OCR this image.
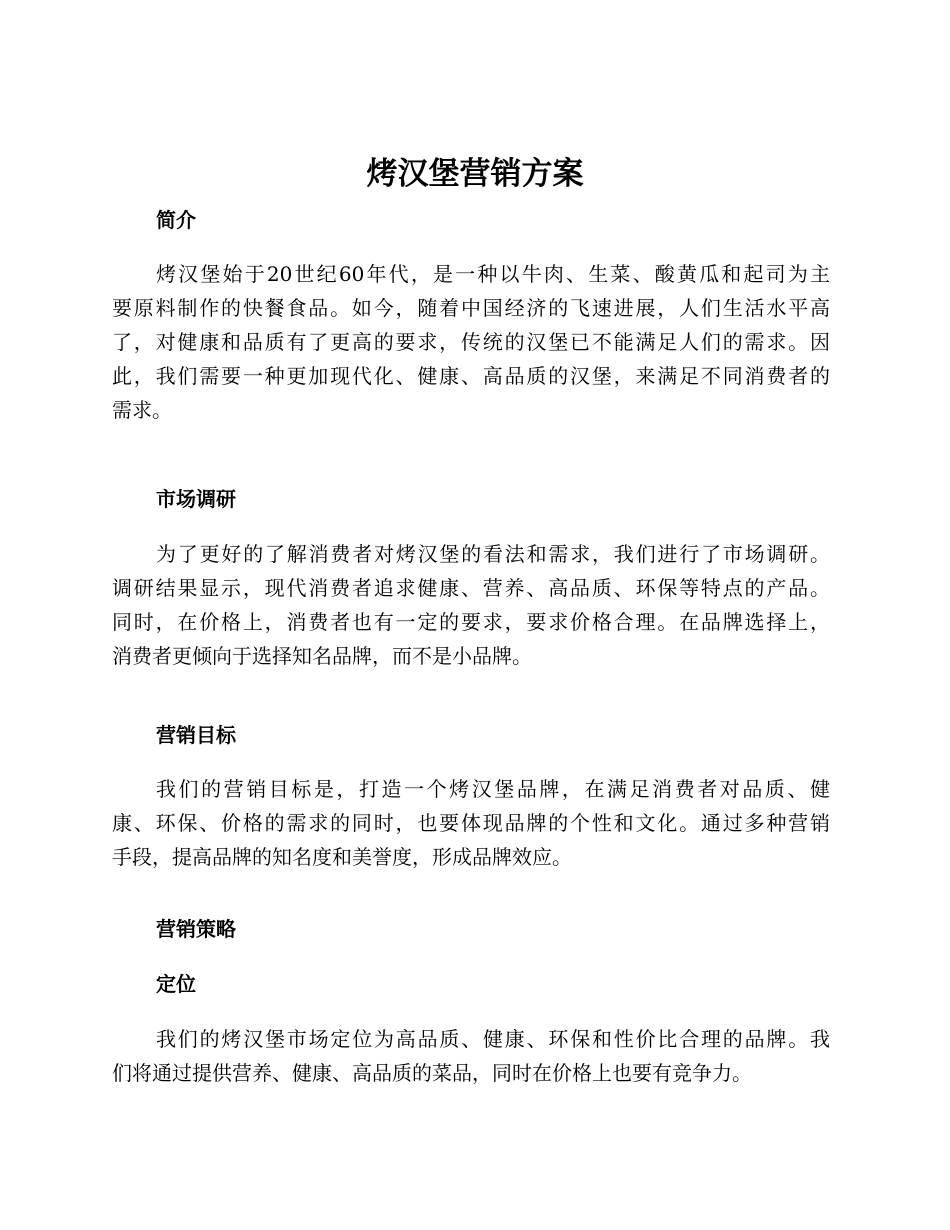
烤汉堡营销方案
简介
烤汉堡始于20世纪60年代，是一种以牛肉、生菜、酸黄瓜和起司为主
要原料制作的快餐食品。如今，随着中国经济的飞速进展，人们生活水平高
了，对健康和品质有了更高的要求，传统的汉堡已不能满足人们的需求。因
此，我们需要一种更加现代化、健康、高品质的汉堡，来满足不同消费者的
需求。
市场调研
为了更好的了解消费者对烤汉堡的看法和需求，我们进行了市场调研。
调研结果显示，现代消费者追求健康、营养、高品质、环保等特点的产品。
同时，在价格上，消费者也有一定的要求，要求价格合理。在品牌选择上，
消费者更倾向于选择知名品牌，而不是小品牌。
营销目标
我们的营销目标是，打造一个烤汉堡品牌，在满足消费者对品质、健
康、环保、价格的需求的同时，也要体现品牌的个性和文化。通过多种营销
手段，提高品牌的知名度和美誉度，形成品牌效应。
营销策略
定位
我们的烤汉堡市场定位为高品质、健康、环保和性价比合理的品牌。我
们将通过提供营养、健康、高品质的菜品，同时在价格上也要有竞争力。
